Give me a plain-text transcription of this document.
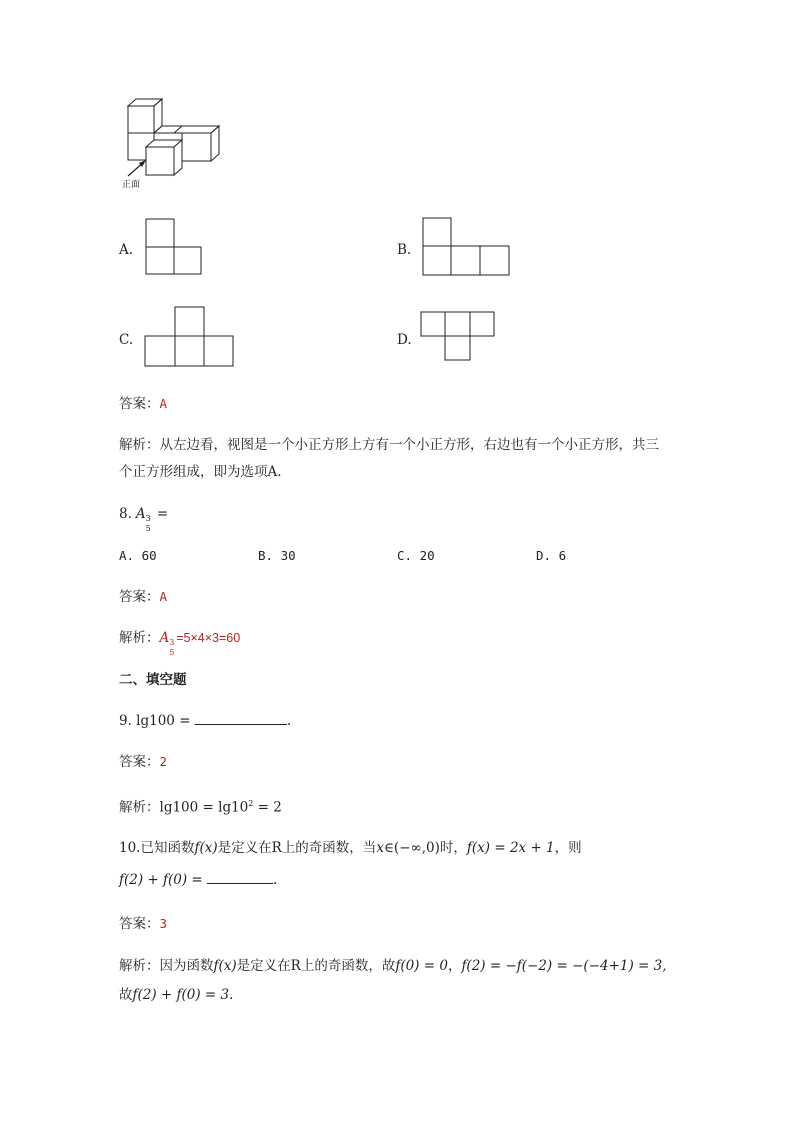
正面
A.	B.
C.	D.
答案：A
解析：从左边看，视图是一个小正方形上方有一个小正方形，右边也有一个小正方形，共三
个正方形组成，即为选项A.
8. A 3
5
=
A. 60	B. 30	C. 20	D. 6
答案：A
解析：A 3
5
=5×4×3=60
二、填空题
9. lg100 =	.
答案：2
解析：$\lg 100 = \lg 10^2 = 2$
10.已知函数f(x)是定义在R上的奇函数，当x∈(−∞,0)时，f(x) = 2x + 1，则
f(2) + f(0) =	.
答案：3
解析：因为函数f(x)是定义在R上的奇函数，故f(0) = 0，f(2) = −f(−2) = −(−4+1) = 3,
故f(2) + f(0) = 3.
